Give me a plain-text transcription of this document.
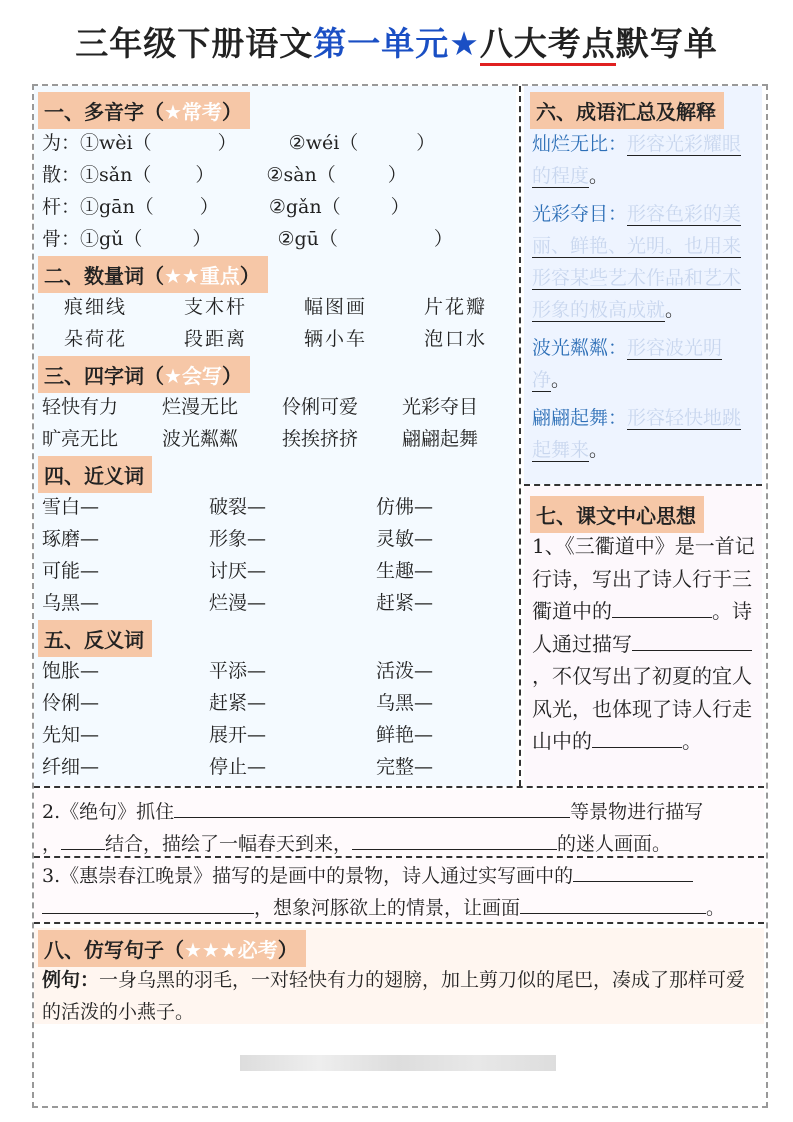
三年级下册语文第一单元★八大考点默写单
一、多音字（★常考）
为：①wèi（	）	②wéi（	）
散：①sǎn（ ）	②sàn（	）
杆：①gān（ ）	②gǎn（	）
骨：①gǔ（	）	②gū（	）
二、数量词（★★重点）
痕细线	支木杆	幅图画	片花瓣
朵荷花	段距离	辆小车	泡口水
三、四字词（★会写）
轻快有力 烂漫无比 伶俐可爱 光彩夺目
旷亮无比 波光粼粼 挨挨挤挤 翩翩起舞
四、近义词
雪白—	破裂—	仿佛—
琢磨—	形象—	灵敏—
可能—	讨厌—	生趣—
乌黑—	烂漫—	赶紧—
五、反义词
饱胀—	平添—	活泼—
伶俐—	赶紧—	乌黑—
先知—	展开—	鲜艳—
纤细—	停止—	完整—
六、成语汇总及解释
灿烂无比：形容光彩耀眼的程度。
光彩夺目：形容色彩的美丽、鲜艳、光明。也用来形容某些艺术作品和艺术形象的极高成就。
波光粼粼：形容波光明净。
翩翩起舞：形容轻快地跳起舞来。
七、课文中心思想
1、《三衢道中》是一首记行诗，写出了诗人行于三衢道中的	。诗人通过描写，不仅写出了初夏的宜人风光，也体现了诗人行走山中的	。
2.《绝句》抓住	等景物进行描写
， 结合，描绘了一幅春天到来，	的迷人画面。
3.《惠崇春江晚景》描写的是画中的景物，诗人通过实写画中的
，想象河豚欲上的情景，让画面	。
八、仿写句子（★★★必考）
例句：一身乌黑的羽毛，一对轻快有力的翅膀，加上剪刀似的尾巴，凑成了那样可爱的活泼的小燕子。
